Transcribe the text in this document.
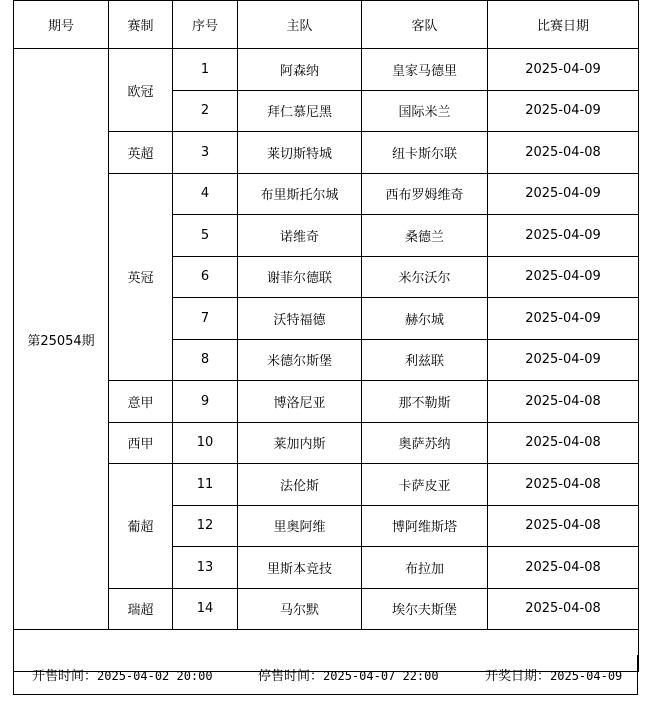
期号	赛制	序号	主队	客队	比赛日期
第25054期	欧冠	1	阿森纳	皇家马德里	2025-04-09
		2	拜仁慕尼黑	国际米兰	2025-04-09
	英超	3	莱切斯特城	纽卡斯尔联	2025-04-08
	英冠	4	布里斯托尔城	西布罗姆维奇	2025-04-09
		5	诺维奇	桑德兰	2025-04-09
		6	谢菲尔德联	米尔沃尔	2025-04-09
		7	沃特福德	赫尔城	2025-04-09
		8	米德尔斯堡	利兹联	2025-04-09
	意甲	9	博洛尼亚	那不勒斯	2025-04-08
	西甲	10	莱加内斯	奥萨苏纳	2025-04-08
	葡超	11	法伦斯	卡萨皮亚	2025-04-08
		12	里奥阿维	博阿维斯塔	2025-04-08
		13	里斯本竞技	布拉加	2025-04-08
	瑞超	14	马尔默	埃尔夫斯堡	2025-04-08

开售时间：2025-04-02 20:00	停售时间：2025-04-07 22:00	开奖日期：2025-04-09
